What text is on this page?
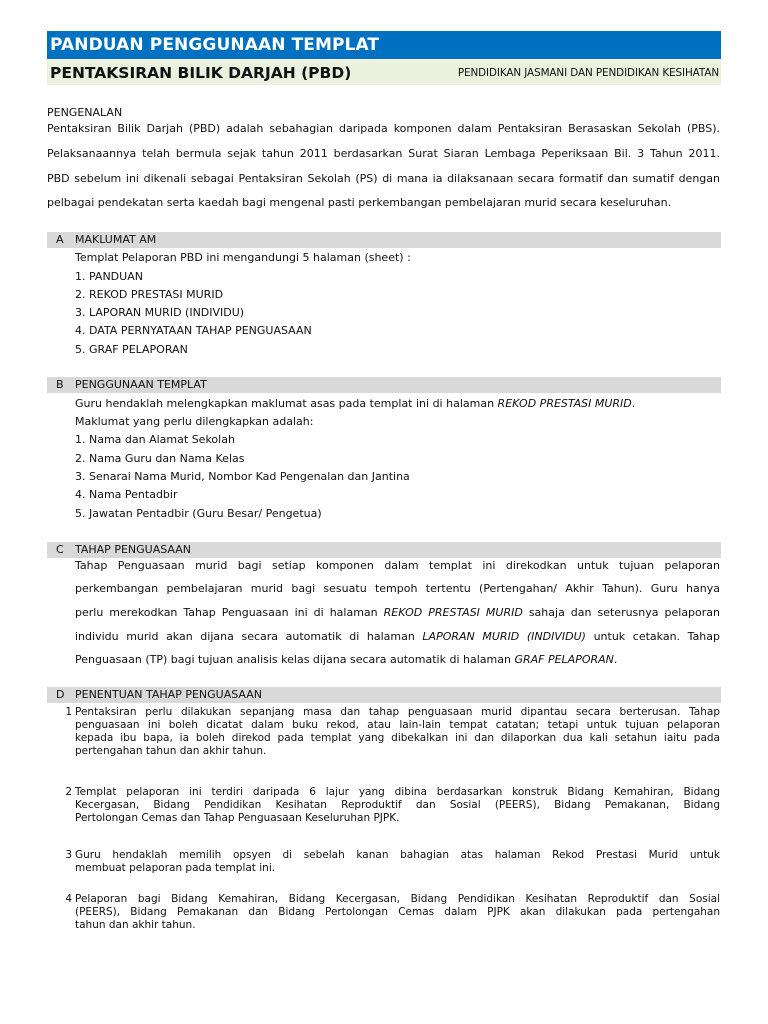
PANDUAN PENGGUNAAN TEMPLAT
PENTAKSIRAN BILIK DARJAH (PBD)	PENDIDIKAN JASMANI DAN PENDIDIKAN KESIHATAN
PENGENALAN
Pentaksiran Bilik Darjah (PBD) adalah sebahagian daripada komponen dalam Pentaksiran Berasaskan Sekolah (PBS).
Pelaksanaannya telah bermula sejak tahun 2011 berdasarkan Surat Siaran Lembaga Peperiksaan Bil. 3 Tahun 2011.
PBD sebelum ini dikenali sebagai Pentaksiran Sekolah (PS) di mana ia dilaksanaan secara formatif dan sumatif dengan
pelbagai pendekatan serta kaedah bagi mengenal pasti perkembangan pembelajaran murid secara keseluruhan.
A MAKLUMAT AM
Templat Pelaporan PBD ini mengandungi 5 halaman (sheet) :
1. PANDUAN
2. REKOD PRESTASI MURID
3. LAPORAN MURID (INDIVIDU)
4. DATA PERNYATAAN TAHAP PENGUASAAN
5. GRAF PELAPORAN
B PENGGUNAAN TEMPLAT
Guru hendaklah melengkapkan maklumat asas pada templat ini di halaman REKOD PRESTASI MURID.
Maklumat yang perlu dilengkapkan adalah:
1. Nama dan Alamat Sekolah
2. Nama Guru dan Nama Kelas
3. Senarai Nama Murid, Nombor Kad Pengenalan dan Jantina
4. Nama Pentadbir
5. Jawatan Pentadbir (Guru Besar/ Pengetua)
C TAHAP PENGUASAAN
Tahap Penguasaan murid bagi setiap komponen dalam templat ini direkodkan untuk tujuan pelaporan
perkembangan pembelajaran murid bagi sesuatu tempoh tertentu (Pertengahan/ Akhir Tahun). Guru hanya
perlu merekodkan Tahap Penguasaan ini di halaman REKOD PRESTASI MURID sahaja dan seterusnya pelaporan
individu murid akan dijana secara automatik di halaman LAPORAN MURID (INDIVIDU) untuk cetakan. Tahap
Penguasaan (TP) bagi tujuan analisis kelas dijana secara automatik di halaman GRAF PELAPORAN.
D PENENTUAN TAHAP PENGUASAAN
1 Pentaksiran perlu dilakukan sepanjang masa dan tahap penguasaan murid dipantau secara berterusan. Tahap
penguasaan ini boleh dicatat dalam buku rekod, atau lain-lain tempat catatan; tetapi untuk tujuan pelaporan
kepada ibu bapa, ia boleh direkod pada templat yang dibekalkan ini dan dilaporkan dua kali setahun iaitu pada
pertengahan tahun dan akhir tahun.
2 Templat pelaporan ini terdiri daripada 6 lajur yang dibina berdasarkan konstruk Bidang Kemahiran, Bidang
Kecergasan, Bidang Pendidikan Kesihatan Reproduktif dan Sosial (PEERS), Bidang Pemakanan, Bidang
Pertolongan Cemas dan Tahap Penguasaan Keseluruhan PJPK.
3 Guru hendaklah memilih opsyen di sebelah kanan bahagian atas halaman Rekod Prestasi Murid untuk
membuat pelaporan pada templat ini.
4 Pelaporan bagi Bidang Kemahiran, Bidang Kecergasan, Bidang Pendidikan Kesihatan Reproduktif dan Sosial
(PEERS), Bidang Pemakanan dan Bidang Pertolongan Cemas dalam PJPK akan dilakukan pada pertengahan
tahun dan akhir tahun.
